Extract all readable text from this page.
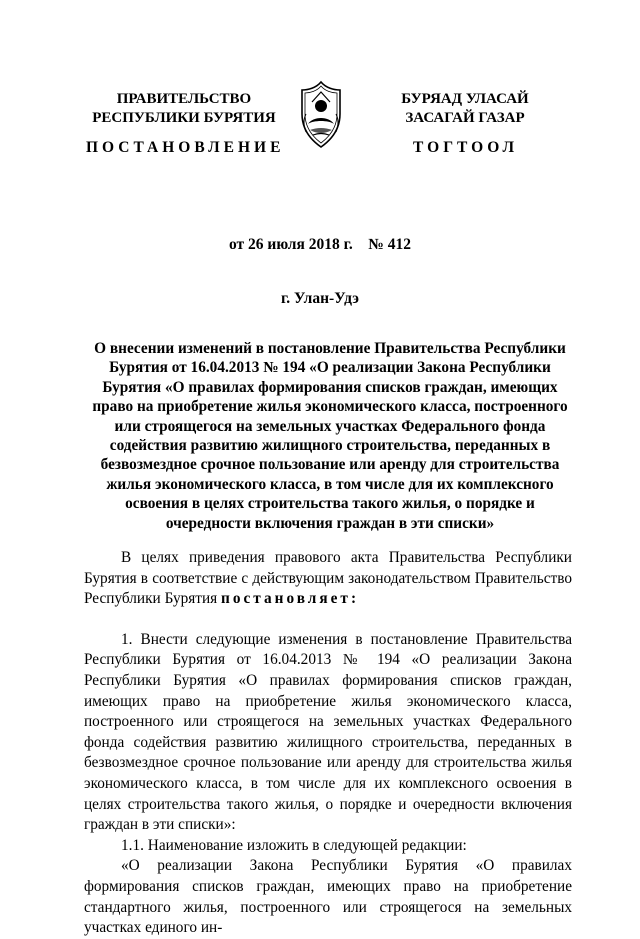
ПРАВИТЕЛЬСТВО
РЕСПУБЛИКИ БУРЯТИЯ
БУРЯАД УЛАСАЙ
ЗАСАГАЙ ГАЗАР
ПОСТАНОВЛЕНИЕ	ТОГТООЛ
от 26 июля 2018 г. № 412
г. Улан-Удэ
О внесении изменений в постановление Правительства Республики Бурятия от 16.04.2013 № 194 «О реализации Закона Республики Бурятия «О правилах формирования списков граждан, имеющих право на приобретение жилья экономического класса, построенного или строящегося на земельных участках Федерального фонда содействия развитию жилищного строительства, переданных в безвозмездное срочное пользование или аренду для строительства жилья экономического класса, в том числе для их комплексного освоения в целях строительства такого жилья, о порядке и очередности включения граждан в эти списки»

В целях приведения правового акта Правительства Республики Бурятия в соответствие с действующим законодательством Правительство Республики Бурятия постановляет:

1. Внести следующие изменения в постановление Правительства Республики Бурятия от 16.04.2013 № 194 «О реализации Закона Республики Бурятия «О правилах формирования списков граждан, имеющих право на приобретение жилья экономического класса, построенного или строящегося на земельных участках Федерального фонда содействия развитию жилищного строительства, переданных в безвозмездное срочное пользование или аренду для строительства жилья экономического класса, в том числе для их комплексного освоения в целях строительства такого жилья, о порядке и очередности включения граждан в эти списки»:

1.1. Наименование изложить в следующей редакции:

«О реализации Закона Республики Бурятия «О правилах формирования списков граждан, имеющих право на приобретение стандартного жилья, построенного или строящегося на земельных участках единого ин-
